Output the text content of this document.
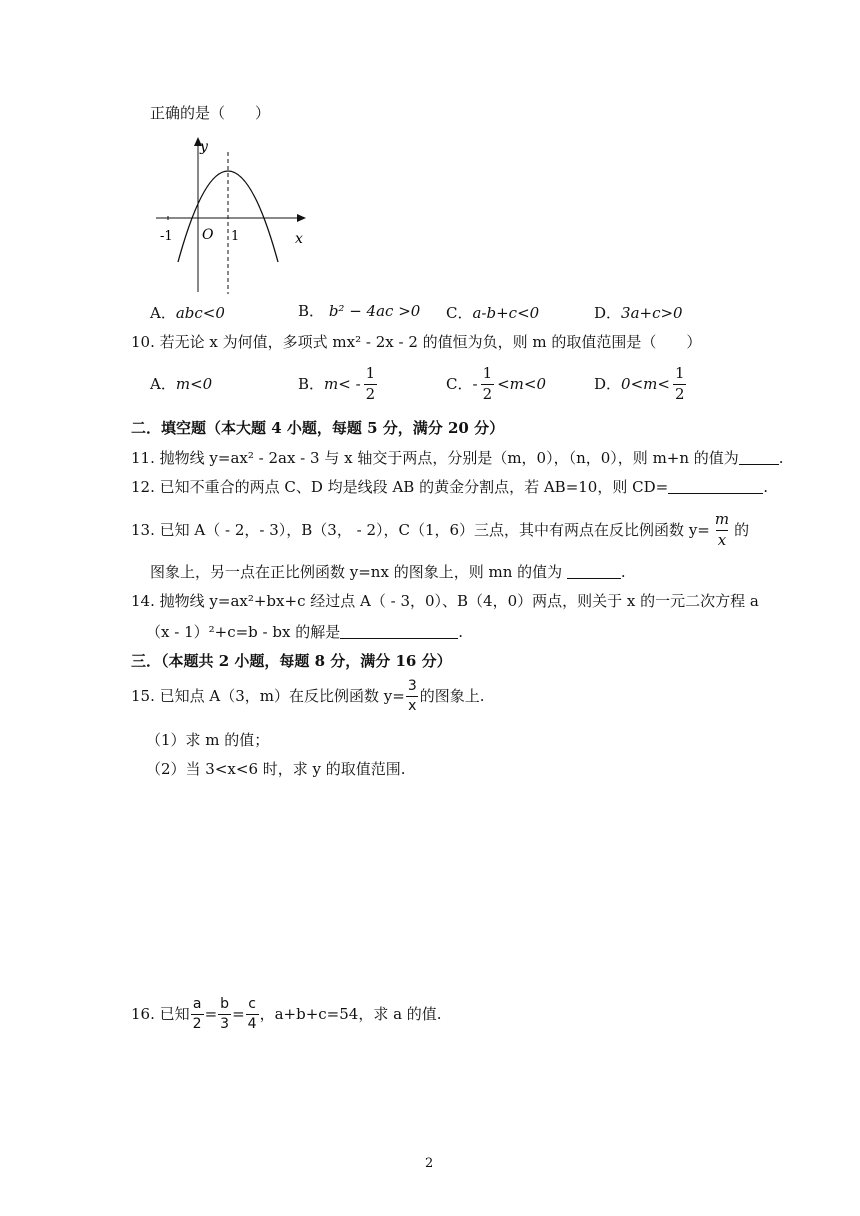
正确的是（　　）
y
x
O
-1	1
A．abc<0	B． b² − 4ac >0 C．a-b+c<0	D．3a+c>0
10. 若无论 x 为何值，多项式 mx² - 2x - 2 的值恒为负，则 m 的取值范围是（　　）
A． m<0	B． $m< - \frac{1}{2}$	C． - $\frac{1}{2} <m<0$	D． $0<m< \frac{1}{2}$
二．填空题（本大题 4 小题，每题 5 分，满分 20 分）
11. 抛物线 y=ax² - 2ax - 3 与 x 轴交于两点，分别是（m，0），（n，0），则 m+n 的值为	.
12. 已知不重合的两点 C、D 均是线段 AB 的黄金分割点，若 AB=10，则 CD=	.
13.
已知 A（ - 2，- 3），B（3， - 2），C（1，6）三点，其中有两点在反比例函数 $y= \frac{m}{x}$ 的
图象上，另一点在正比例函数 y=nx 的图象上，则 mn 的值为	.
14. 抛物线 y=ax²+bx+c 经过点 A（ - 3，0）、B（4，0）两点，则关于 x 的一元二次方程 a
（x - 1）²+c=b - bx 的解是	.
三．（本题共 2 小题，每题 8 分，满分 16 分）
15.
已知点 A（3，m）在反比例函数 $y= \frac{3}{x}$ 的图象上.
（1）求 m 的值；
（2）当 3<x<6 时，求 y 的取值范围.
16.
已知 $\frac{a}{2} = \frac{b}{3} = \frac{c}{4}$ ，a+b+c=54，求 a 的值.
2
